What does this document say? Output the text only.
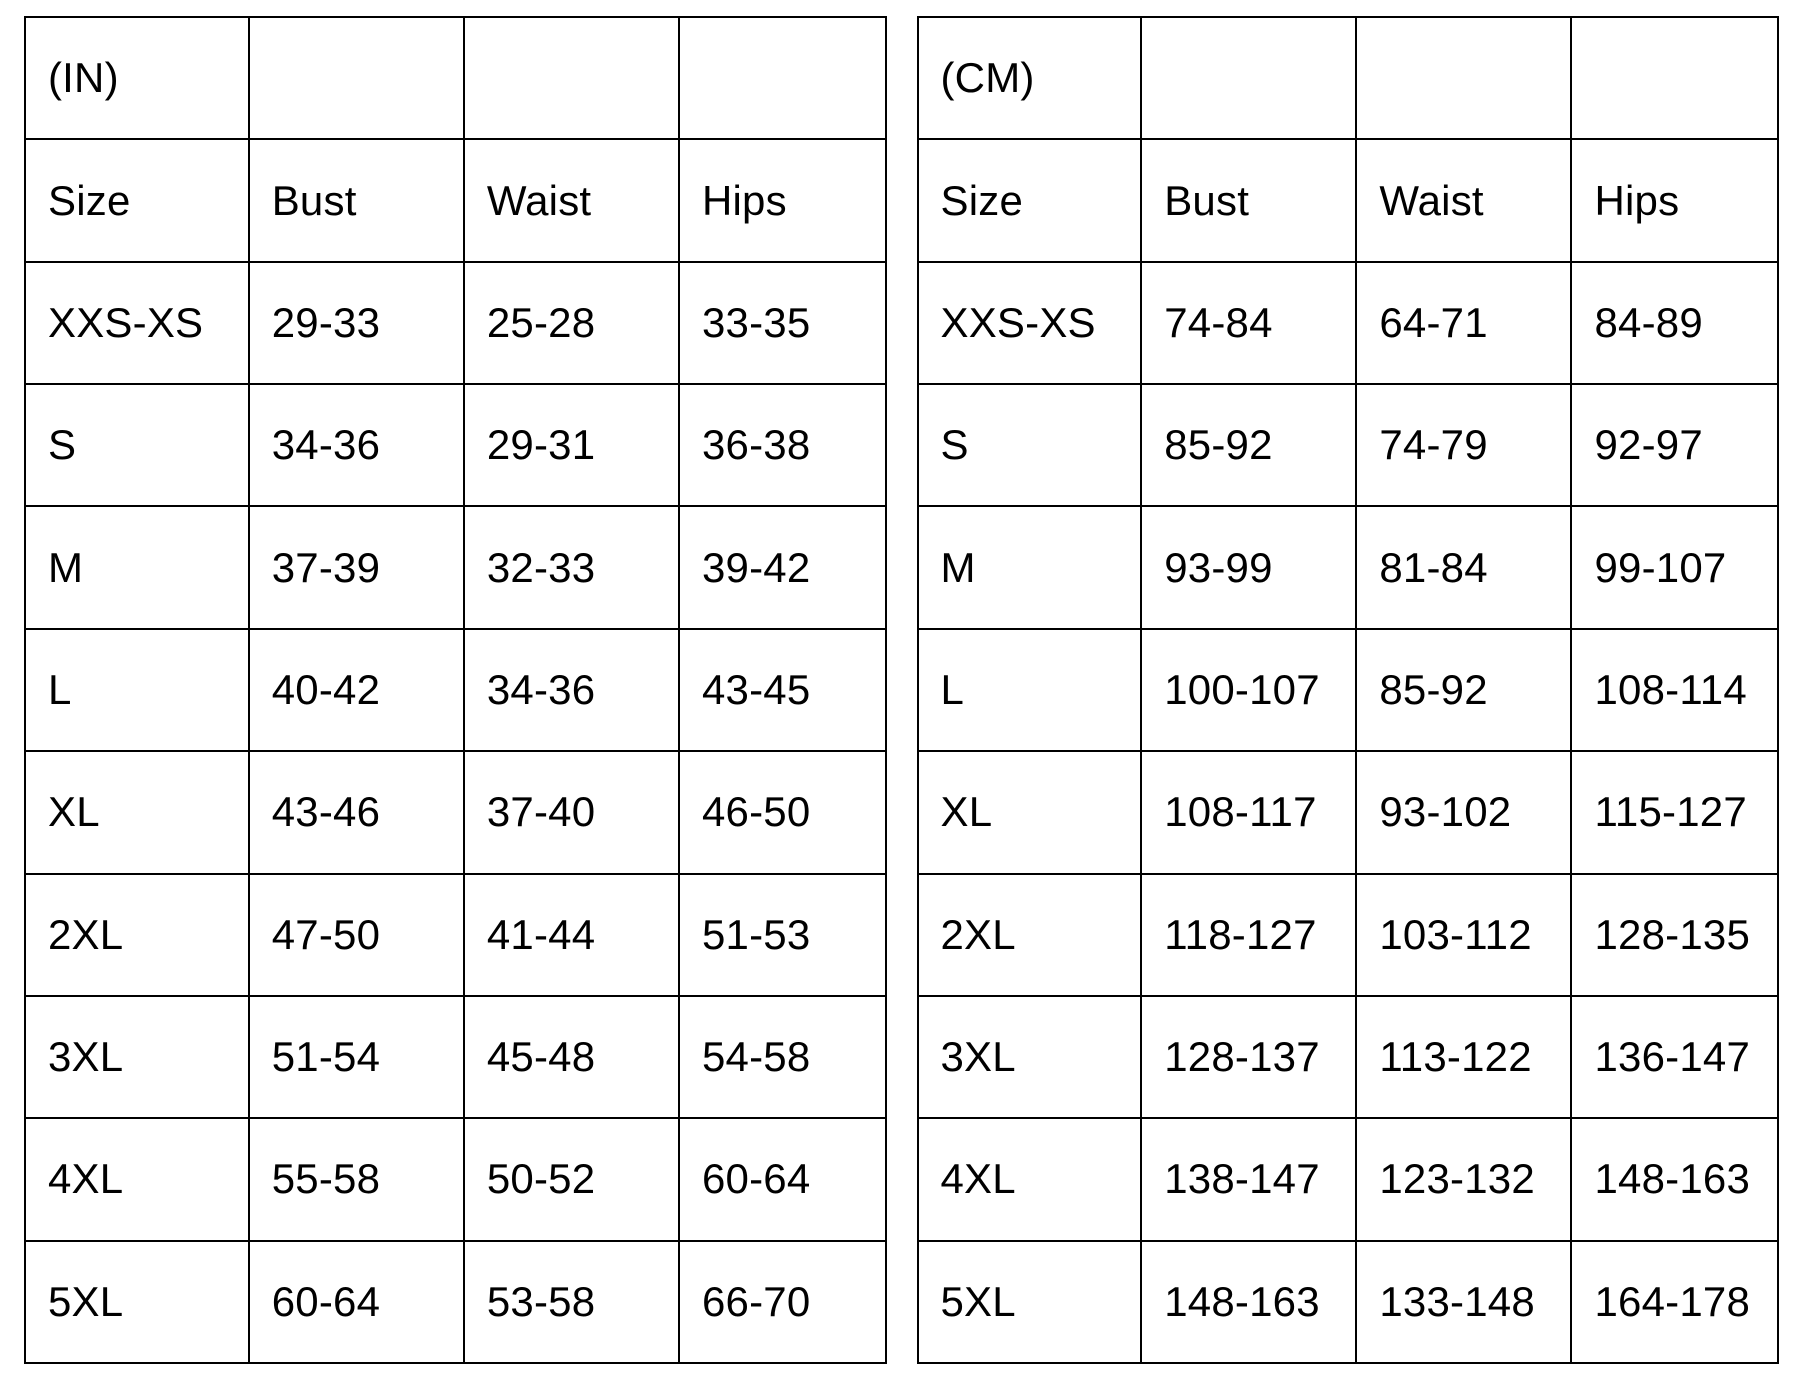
(IN)			
Size	Bust	Waist	Hips
XXS-XS	29-33	25-28	33-35
S	34-36	29-31	36-38
M	37-39	32-33	39-42
L	40-42	34-36	43-45
XL	43-46	37-40	46-50
2XL	47-50	41-44	51-53
3XL	51-54	45-48	54-58
4XL	55-58	50-52	60-64
5XL	60-64	53-58	66-70
(CM)			
Size	Bust	Waist	Hips
XXS-XS	74-84	64-71	84-89
S	85-92	74-79	92-97
M	93-99	81-84	99-107
L	100-107	85-92	108-114
XL	108-117	93-102	115-127
2XL	118-127	103-112	128-135
3XL	128-137	113-122	136-147
4XL	138-147	123-132	148-163
5XL	148-163	133-148	164-178
